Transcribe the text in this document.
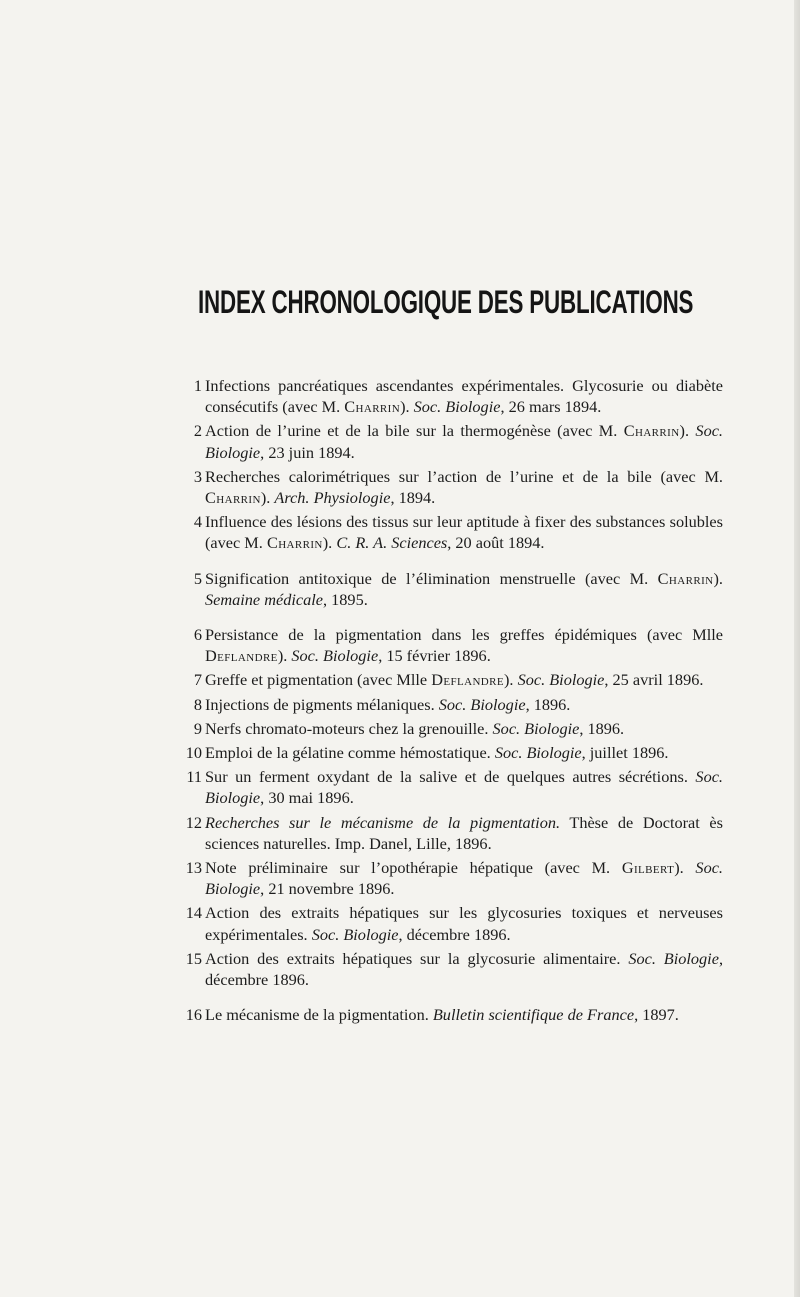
INDEX CHRONOLOGIQUE DES PUBLICATIONS
1 Infections pancréatiques ascendantes expérimentales. Glycosurie ou diabète consécutifs (avec M. Charrin). Soc. Biologie, 26 mars 1894.
2 Action de l’urine et de la bile sur la thermogénèse (avec M. Charrin). Soc. Biologie, 23 juin 1894.
3 Recherches calorimétriques sur l’action de l’urine et de la bile (avec M. Charrin). Arch. Physiologie, 1894.
4 Influence des lésions des tissus sur leur aptitude à fixer des substances solubles (avec M. Charrin). C. R. A. Sciences, 20 août 1894.
5 Signification antitoxique de l’élimination menstruelle (avec M. Charrin). Semaine médicale, 1895.
6 Persistance de la pigmentation dans les greffes épidémiques (avec Mlle Deflandre). Soc. Biologie, 15 février 1896.
7 Greffe et pigmentation (avec Mlle Deflandre). Soc. Biologie, 25 avril 1896.
8 Injections de pigments mélaniques. Soc. Biologie, 1896.
9 Nerfs chromato-moteurs chez la grenouille. Soc. Biologie, 1896.
10 Emploi de la gélatine comme hémostatique. Soc. Biologie, juillet 1896.
11 Sur un ferment oxydant de la salive et de quelques autres sécrétions. Soc. Biologie, 30 mai 1896.
12 Recherches sur le mécanisme de la pigmentation. Thèse de Doctorat ès sciences naturelles. Imp. Danel, Lille, 1896.
13 Note préliminaire sur l’opothérapie hépatique (avec M. Gilbert). Soc. Biologie, 21 novembre 1896.
14 Action des extraits hépatiques sur les glycosuries toxiques et nerveuses expérimentales. Soc. Biologie, décembre 1896.
15 Action des extraits hépatiques sur la glycosurie alimentaire. Soc. Biologie, décembre 1896.
16 Le mécanisme de la pigmentation. Bulletin scientifique de France, 1897.
